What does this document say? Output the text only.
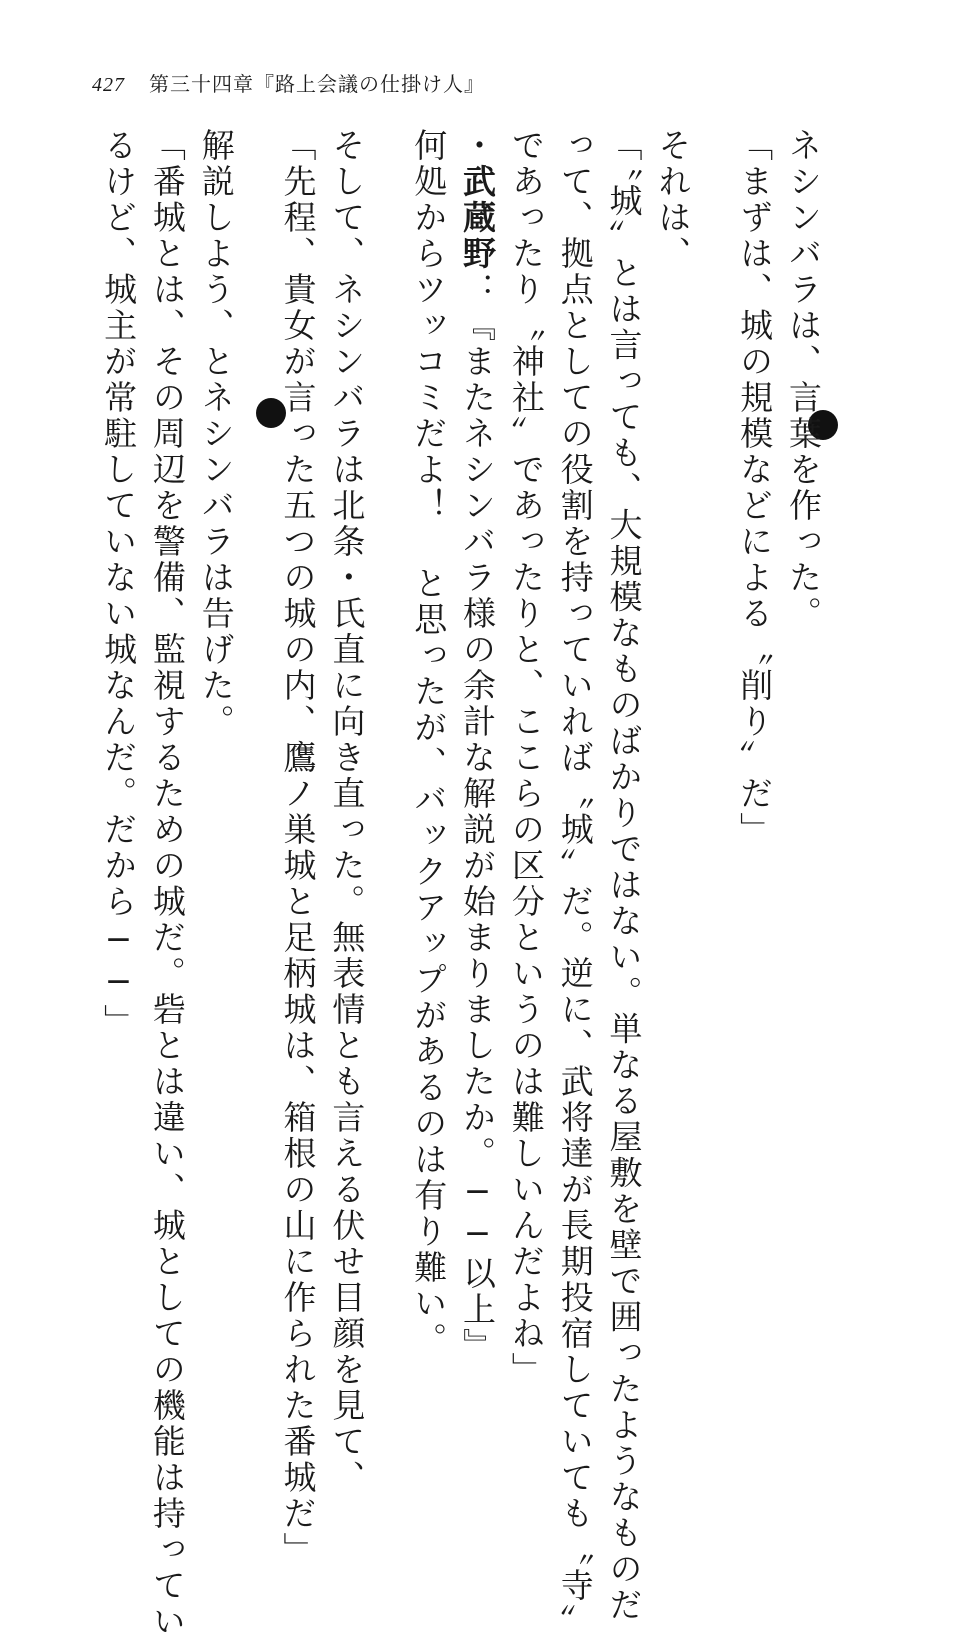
427 第三十四章『路上会議の仕掛け人』
ネシンバラは、言葉を作った。
「まずは、城の規模などによる〝削り〟だ」
それは、
「〝城〟とは言っても、大規模なものばかりではない。単なる屋敷を壁で囲ったようなものだ
って、拠点としての役割を持っていれば〝城〟だ。逆に、武将達が長期投宿していても〝寺〟
であったり〝神社〟であったりと、ここらの区分というのは難しいんだよね」
・武蔵野：『またネシンバラ様の余計な解説が始まりましたか。──以上』
何処からツッコミだよ！ と思ったが、バックアップがあるのは有り難い。
そして、ネシンバラは北条・氏直に向き直った。無表情とも言える伏せ目顔を見て、
「先程、貴女が言った五つの城の内、鷹ノ巣城と足柄城は、箱根の山に作られた番城だ」
解説しよう、とネシンバラは告げた。
「番城とは、その周辺を警備、監視するための城だ。砦とは違い、城としての機能は持ってい
るけど、城主が常駐していない城なんだ。だから──」
